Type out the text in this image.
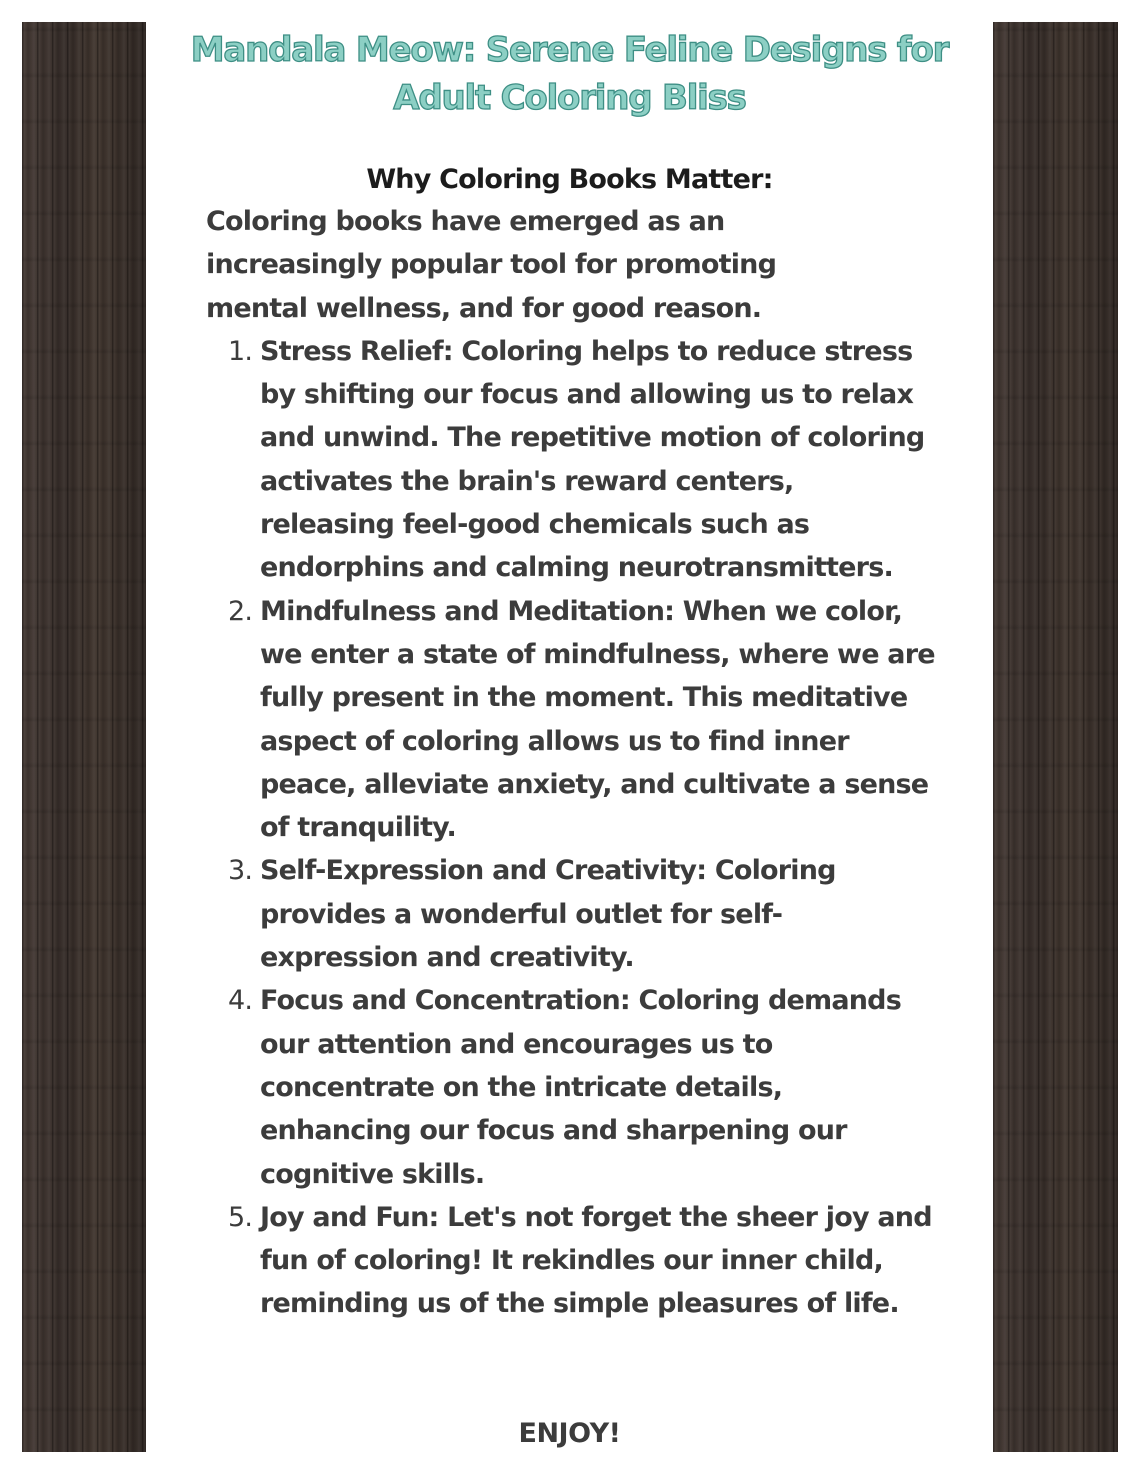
Mandala Meow: Serene Feline Designs for Adult Coloring Bliss
Why Coloring Books Matter:
Coloring books have emerged as an increasingly popular tool for promoting mental wellness, and for good reason.
1. Stress Relief: Coloring helps to reduce stress by shifting our focus and allowing us to relax and unwind. The repetitive motion of coloring activates the brain's reward centers, releasing feel-good chemicals such as endorphins and calming neurotransmitters.
2. Mindfulness and Meditation: When we color, we enter a state of mindfulness, where we are fully present in the moment. This meditative aspect of coloring allows us to find inner peace, alleviate anxiety, and cultivate a sense of tranquility.
3. Self-Expression and Creativity: Coloring provides a wonderful outlet for self-expression and creativity.
4. Focus and Concentration: Coloring demands our attention and encourages us to concentrate on the intricate details, enhancing our focus and sharpening our cognitive skills.
5. Joy and Fun: Let's not forget the sheer joy and fun of coloring! It rekindles our inner child, reminding us of the simple pleasures of life.
ENJOY!
